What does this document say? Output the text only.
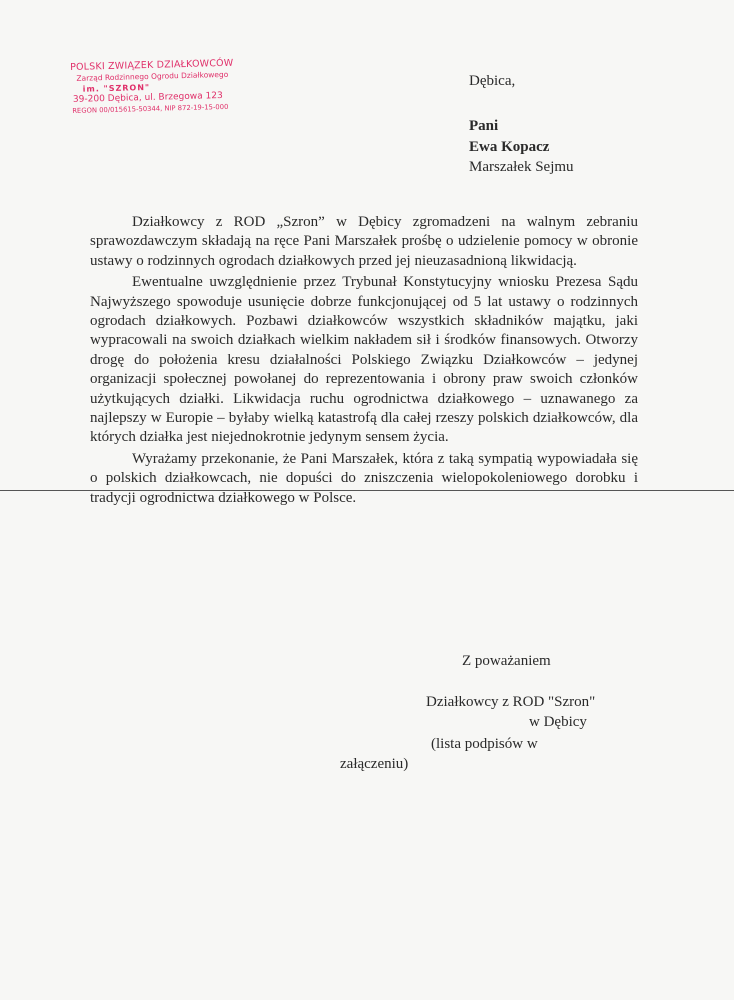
POLSKI ZWIĄZEK DZIAŁKOWCÓW
Zarząd Rodzinnego Ogrodu Działkowego
im. "SZRON"
39-200 Dębica, ul. Brzegowa 123
REGON 00/015615-50344, NIP 872-19-15-000
Dębica,
Pani
Ewa Kopacz
Marszałek Sejmu

Działkowcy z ROD „Szron” w Dębicy zgromadzeni na walnym zebraniu sprawozdawczym składają na ręce Pani Marszałek prośbę o udzielenie pomocy w obronie ustawy o rodzinnych ogrodach działkowych przed jej nieuzasadnioną likwidacją.

Ewentualne uwzględnienie przez Trybunał Konstytucyjny wniosku Prezesa Sądu Najwyższego spowoduje usunięcie dobrze funkcjonującej od 5 lat ustawy o rodzinnych ogrodach działkowych. Pozbawi działkowców wszystkich składników majątku, jaki wypracowali na swoich działkach wielkim nakładem sił i środków finansowych. Otworzy drogę do położenia kresu działalności Polskiego Związku Działkowców – jedynej organizacji społecznej powołanej do reprezentowania i obrony praw swoich członków użytkujących działki. Likwidacja ruchu ogrodnictwa działkowego – uznawanego za najlepszy w Europie – byłaby wielką katastrofą dla całej rzeszy polskich działkowców, dla których działka jest niejednokrotnie jedynym sensem życia.

Wyrażamy przekonanie, że Pani Marszałek, która z taką sympatią wypowiadała się o polskich działkowcach, nie dopuści do zniszczenia wielopokoleniowego dorobku i tradycji ogrodnictwa działkowego w Polsce.

Z poważaniem
Działkowcy z ROD "Szron"
w Dębicy
(lista podpisów w
załączeniu)
